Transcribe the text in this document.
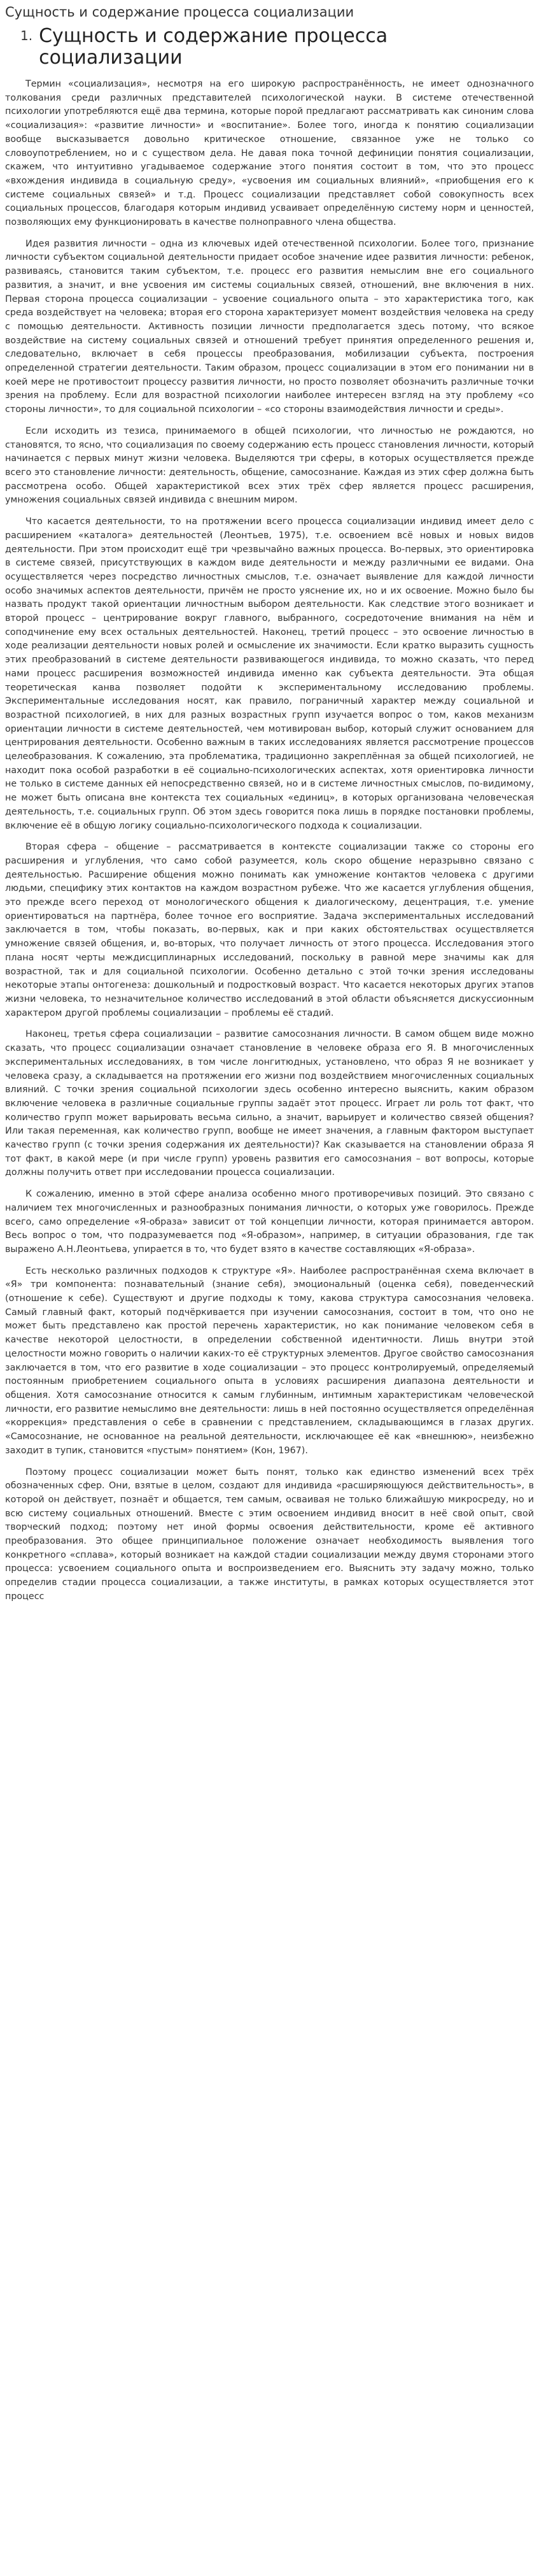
Сущность и содержание процесса социализации
1. Сущность и содержание процесса социализации

Термин «социализация», несмотря на его широкую распространённость, не имеет однозначного толкования среди различных представителей психологической науки. В системе отечественной психологии употребляются ещё два термина, которые порой предлагают рассматривать как синоним слова «социализация»: «развитие личности» и «воспитание». Более того, иногда к понятию социализации вообще высказывается довольно критическое отношение, связанное уже не только со словоупотреблением, но и с существом дела. Не давая пока точной дефиниции понятия социализации, скажем, что интуитивно угадываемое содержание этого понятия состоит в том, что это процесс «вхождения индивида в социальную среду», «усвоения им социальных влияний», «приобщения его к системе социальных связей» и т.д. Процесс социализации представляет собой совокупность всех социальных процессов, благодаря которым индивид усваивает определённую систему норм и ценностей, позволяющих ему функционировать в качестве полноправного члена общества.

Идея развития личности – одна из ключевых идей отечественной психологии. Более того, признание личности субъектом социальной деятельности придает особое значение идее развития личности: ребенок, развиваясь, становится таким субъектом, т.е. процесс его развития немыслим вне его социального развития, а значит, и вне усвоения им системы социальных связей, отношений, вне включения в них. Первая сторона процесса социализации – усвоение социального опыта – это характеристика того, как среда воздействует на человека; вторая его сторона характеризует момент воздействия человека на среду с помощью деятельности. Активность позиции личности предполагается здесь потому, что всякое воздействие на систему социальных связей и отношений требует принятия определенного решения и, следовательно, включает в себя процессы преобразования, мобилизации субъекта, построения определенной стратегии деятельности. Таким образом, процесс социализации в этом его понимании ни в коей мере не противостоит процессу развития личности, но просто позволяет обозначить различные точки зрения на проблему. Если для возрастной психологии наиболее интересен взгляд на эту проблему «со стороны личности», то для социальной психологии – «со стороны взаимодействия личности и среды».

Если исходить из тезиса, принимаемого в общей психологии, что личностью не рождаются, но становятся, то ясно, что социализация по своему содержанию есть процесс становления личности, который начинается с первых минут жизни человека. Выделяются три сферы, в которых осуществляется прежде всего это становление личности: деятельность, общение, самосознание. Каждая из этих сфер должна быть рассмотрена особо. Общей характеристикой всех этих трёх сфер является процесс расширения, умножения социальных связей индивида с внешним миром.

Что касается деятельности, то на протяжении всего процесса социализации индивид имеет дело с расширением «каталога» деятельностей (Леонтьев, 1975), т.е. освоением всё новых и новых видов деятельности. При этом происходит ещё три чрезвычайно важных процесса. Во-первых, это ориентировка в системе связей, присутствующих в каждом виде деятельности и между различными ее видами. Она осуществляется через посредство личностных смыслов, т.е. означает выявление для каждой личности особо значимых аспектов деятельности, причём не просто уяснение их, но и их освоение. Можно было бы назвать продукт такой ориентации личностным выбором деятельности. Как следствие этого возникает и второй процесс – центрирование вокруг главного, выбранного, сосредоточение внимания на нём и соподчинение ему всех остальных деятельностей. Наконец, третий процесс – это освоение личностью в ходе реализации деятельности новых ролей и осмысление их значимости. Если кратко выразить сущность этих преобразований в системе деятельности развивающегося индивида, то можно сказать, что перед нами процесс расширения возможностей индивида именно как субъекта деятельности. Эта общая теоретическая канва позволяет подойти к экспериментальному исследованию проблемы. Экспериментальные исследования носят, как правило, пограничный характер между социальной и возрастной психологией, в них для разных возрастных групп изучается вопрос о том, каков механизм ориентации личности в системе деятельностей, чем мотивирован выбор, который служит основанием для центрирования деятельности. Особенно важным в таких исследованиях является рассмотрение процессов целеобразования. К сожалению, эта проблематика, традиционно закреплённая за общей психологией, не находит пока особой разработки в её социально-психологических аспектах, хотя ориентировка личности не только в системе данных ей непосредственно связей, но и в системе личностных смыслов, по-видимому, не может быть описана вне контекста тех социальных «единиц», в которых организована человеческая деятельность, т.е. социальных групп. Об этом здесь говорится пока лишь в порядке постановки проблемы, включение её в общую логику социально-психологического подхода к социализации.

Вторая сфера – общение – рассматривается в контексте социализации также со стороны его расширения и углубления, что само собой разумеется, коль скоро общение неразрывно связано с деятельностью. Расширение общения можно понимать как умножение контактов человека с другими людьми, специфику этих контактов на каждом возрастном рубеже. Что же касается углубления общения, это прежде всего переход от монологического общения к диалогическому, децентрация, т.е. умение ориентироваться на партнёра, более точное его восприятие. Задача экспериментальных исследований заключается в том, чтобы показать, во-первых, как и при каких обстоятельствах осуществляется умножение связей общения, и, во-вторых, что получает личность от этого процесса. Исследования этого плана носят черты междисциплинарных исследований, поскольку в равной мере значимы как для возрастной, так и для социальной психологии. Особенно детально с этой точки зрения исследованы некоторые этапы онтогенеза: дошкольный и подростковый возраст. Что касается некоторых других этапов жизни человека, то незначительное количество исследований в этой области объясняется дискуссионным характером другой проблемы социализации – проблемы её стадий.

Наконец, третья сфера социализации – развитие самосознания личности. В самом общем виде можно сказать, что процесс социализации означает становление в человеке образа его Я. В многочисленных экспериментальных исследованиях, в том числе лонгитюдных, установлено, что образ Я не возникает у человека сразу, а складывается на протяжении его жизни под воздействием многочисленных социальных влияний. С точки зрения социальной психологии здесь особенно интересно выяснить, каким образом включение человека в различные социальные группы задаёт этот процесс. Играет ли роль тот факт, что количество групп может варьировать весьма сильно, а значит, варьирует и количество связей общения? Или такая переменная, как количество групп, вообще не имеет значения, а главным фактором выступает качество групп (с точки зрения содержания их деятельности)? Как сказывается на становлении образа Я тот факт, в какой мере (и при числе групп) уровень развития его самосознания – вот вопросы, которые должны получить ответ при исследовании процесса социализации.

К сожалению, именно в этой сфере анализа особенно много противоречивых позиций. Это связано с наличием тех многочисленных и разнообразных понимания личности, о которых уже говорилось. Прежде всего, само определение «Я-образа» зависит от той концепции личности, которая принимается автором. Весь вопрос о том, что подразумевается под «Я-образом», например, в ситуации образования, где так выражено А.Н.Леонтьева, упирается в то, что будет взято в качестве составляющих «Я-образа».

Есть несколько различных подходов к структуре «Я». Наиболее распространённая схема включает в «Я» три компонента: познавательный (знание себя), эмоциональный (оценка себя), поведенческий (отношение к себе). Существуют и другие подходы к тому, какова структура самосознания человека. Самый главный факт, который подчёркивается при изучении самосознания, состоит в том, что оно не может быть представлено как простой перечень характеристик, но как понимание человеком себя в качестве некоторой целостности, в определении собственной идентичности. Лишь внутри этой целостности можно говорить о наличии каких-то её структурных элементов. Другое свойство самосознания заключается в том, что его развитие в ходе социализации – это процесс контролируемый, определяемый постоянным приобретением социального опыта в условиях расширения диапазона деятельности и общения. Хотя самосознание относится к самым глубинным, интимным характеристикам человеческой личности, его развитие немыслимо вне деятельности: лишь в ней постоянно осуществляется определённая «коррекция» представления о себе в сравнении с представлением, складывающимся в глазах других. «Самосознание, не основанное на реальной деятельности, исключающее её как «внешнюю», неизбежно заходит в тупик, становится «пустым» понятием» (Кон, 1967).

Поэтому процесс социализации может быть понят, только как единство изменений всех трёх обозначенных сфер. Они, взятые в целом, создают для индивида «расширяющуюся действительность», в которой он действует, познаёт и общается, тем самым, осваивая не только ближайшую микросреду, но и всю систему социальных отношений. Вместе с этим освоением индивид вносит в неё свой опыт, свой творческий подход; поэтому нет иной формы освоения действительности, кроме её активного преобразования. Это общее принципиальное положение означает необходимость выявления того конкретного «сплава», который возникает на каждой стадии социализации между двумя сторонами этого процесса: усвоением социального опыта и воспроизведением его. Выяснить эту задачу можно, только определив стадии процесса социализации, а также институты, в рамках которых осуществляется этот процесс
